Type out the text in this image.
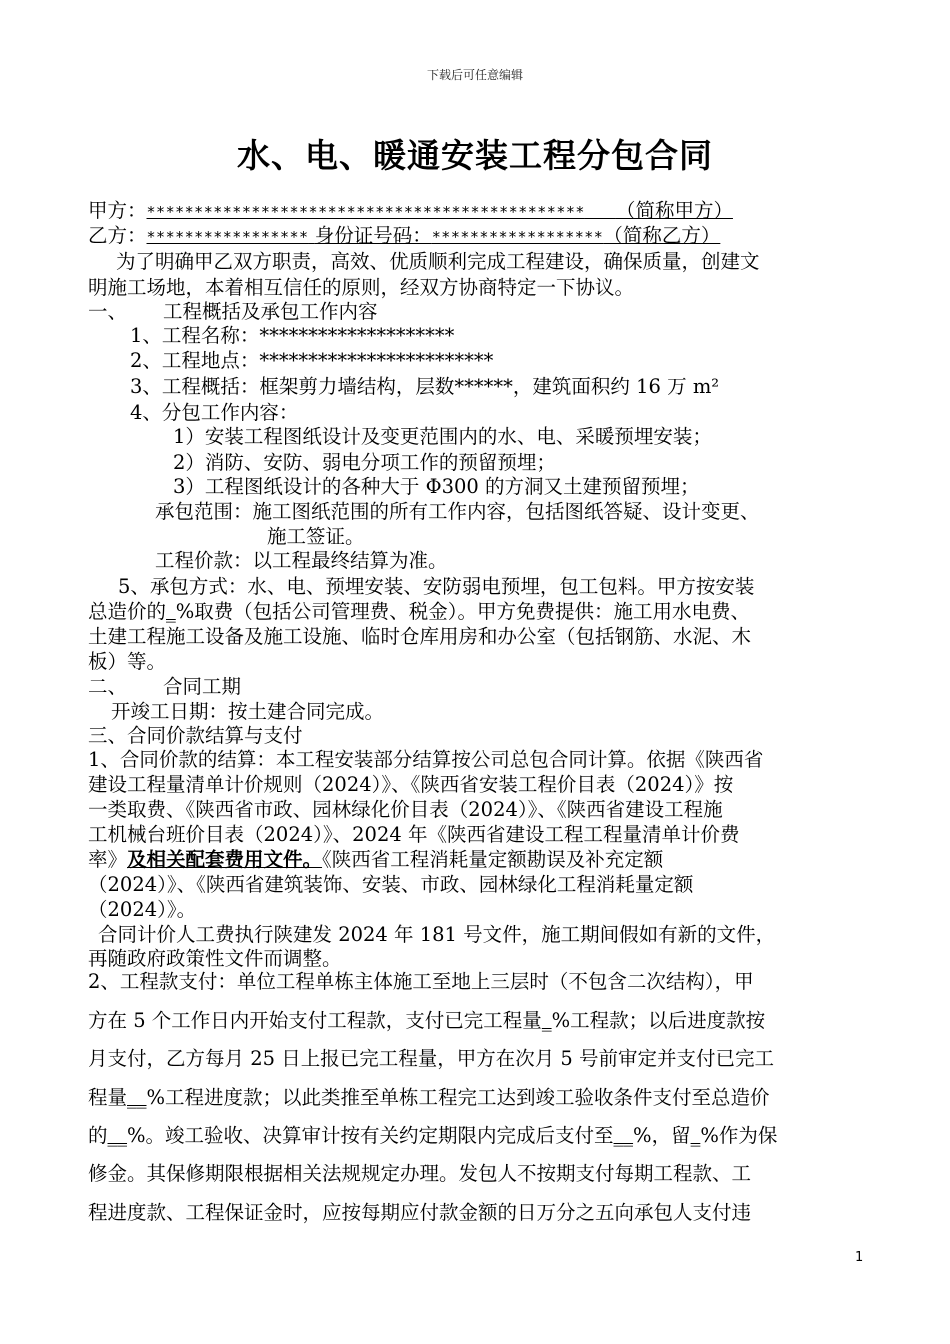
下载后可任意编辑
水、电、暖通安装工程分包合同
甲方：********************************************** （简称甲方）
乙方：***************** 身份证号码：******************（简称乙方）
为了明确甲乙双方职责，高效、优质顺利完成工程建设，确保质量，创建文
明施工场地，本着相互信任的原则，经双方协商特定一下协议。
一、 工程概括及承包工作内容
1、工程名称：********************
2、工程地点：************************
3、工程概括：框架剪力墙结构，层数******，建筑面积约 16 万 m²
4、分包工作内容：
1）安装工程图纸设计及变更范围内的水、电、采暖预埋安装；
2）消防、安防、弱电分项工作的预留预埋；
3）工程图纸设计的各种大于 Φ300 的方洞又土建预留预埋；
承包范围：施工图纸范围的所有工作内容，包括图纸答疑、设计变更、
施工签证。
工程价款：以工程最终结算为准。
5、承包方式：水、电、预埋安装、安防弱电预埋，包工包料。甲方按安装
总造价的_%取费（包括公司管理费、税金）。甲方免费提供：施工用水电费、
土建工程施工设备及施工设施、临时仓库用房和办公室（包括钢筋、水泥、木
板）等。
二、 合同工期
开竣工日期：按土建合同完成。
三、合同价款结算与支付
1、合同价款的结算：本工程安装部分结算按公司总包合同计算。依据《陕西省
建设工程量清单计价规则（2024）》、《陕西省安装工程价目表（2024）》按
一类取费、《陕西省市政、园林绿化价目表（2024）》、《陕西省建设工程施
工机械台班价目表（2024）》、2024 年《陕西省建设工程工程量清单计价费
率》及相关配套费用文件。《陕西省工程消耗量定额勘误及补充定额
（2024）》、《陕西省建筑装饰、安装、市政、园林绿化工程消耗量定额
（2024）》。
合同计价人工费执行陕建发 2024 年 181 号文件，施工期间假如有新的文件，
再随政府政策性文件而调整。
2、工程款支付：单位工程单栋主体施工至地上三层时（不包含二次结构），甲
方在 5 个工作日内开始支付工程款，支付已完工程量_%工程款；以后进度款按
月支付，乙方每月 25 日上报已完工程量，甲方在次月 5 号前审定并支付已完工
程量__%工程进度款；以此类推至单栋工程完工达到竣工验收条件支付至总造价
的__%。竣工验收、决算审计按有关约定期限内完成后支付至__%，留_%作为保
修金。其保修期限根据相关法规规定办理。发包人不按期支付每期工程款、工
程进度款、工程保证金时，应按每期应付款金额的日万分之五向承包人支付违
1
